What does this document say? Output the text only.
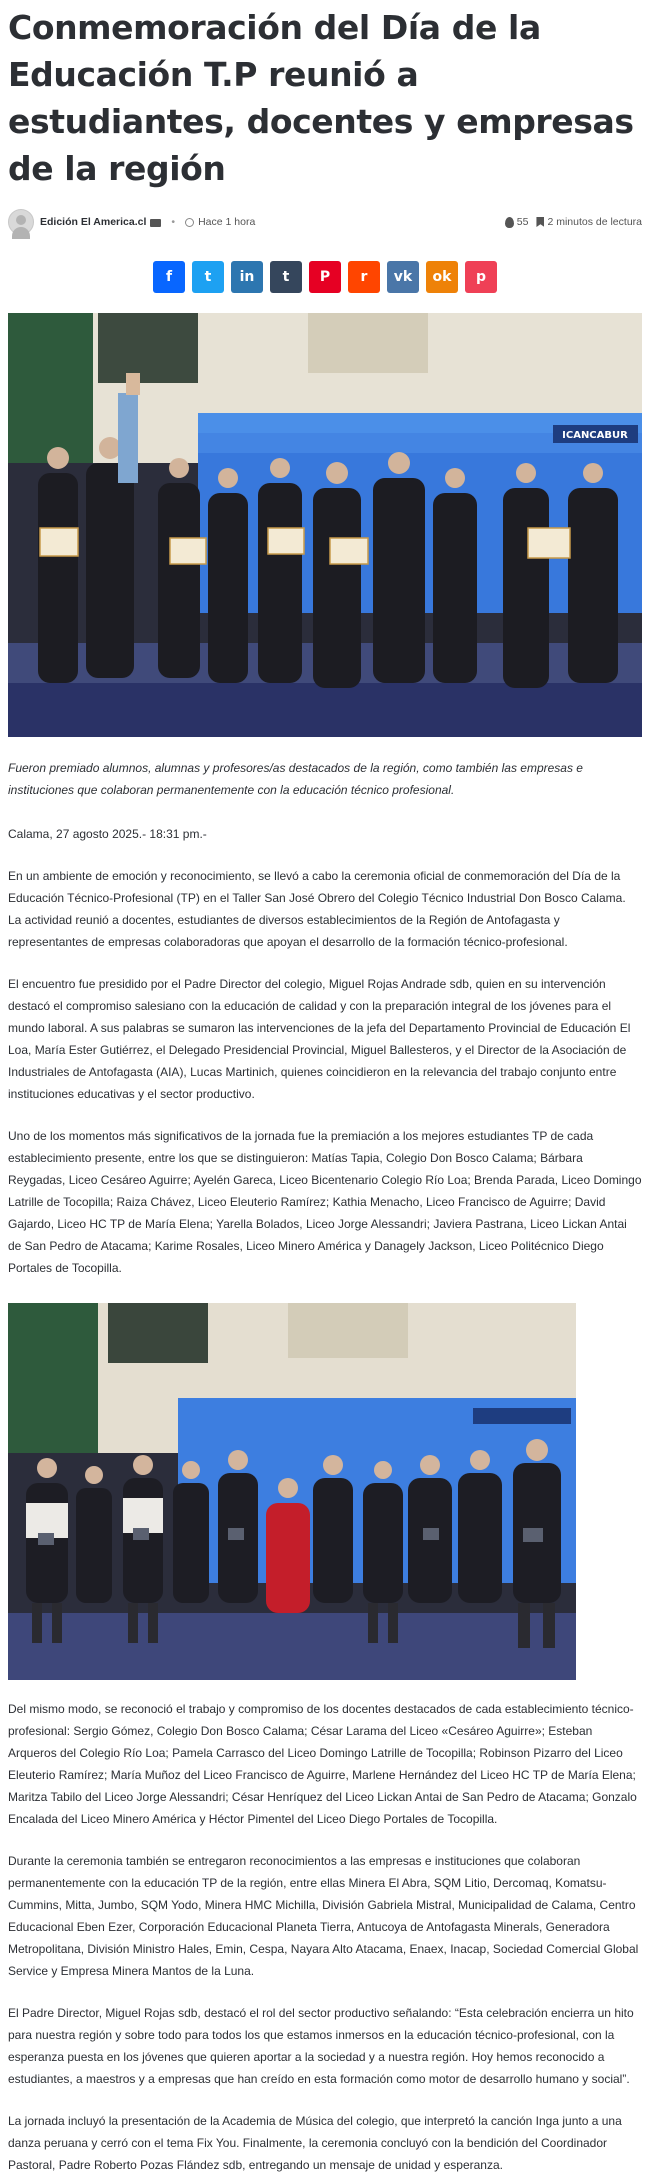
Conmemoración del Día de la Educación T.P reunió a estudiantes, docentes y empresas de la región
Edición El America.cl • Hace 1 hora	55 2 minutos de lectura
f t in t P r vk ok p
ICANCABUR

Fueron premiado alumnos, alumnas y profesores/as destacados de la región, como también las empresas e instituciones que colaboran permanentemente con la educación técnico profesional.

Calama, 27 agosto 2025.- 18:31 pm.-

En un ambiente de emoción y reconocimiento, se llevó a cabo la ceremonia oficial de conmemoración del Día de la Educación Técnico-Profesional (TP) en el Taller San José Obrero del Colegio Técnico Industrial Don Bosco Calama. La actividad reunió a docentes, estudiantes de diversos establecimientos de la Región de Antofagasta y representantes de empresas colaboradoras que apoyan el desarrollo de la formación técnico-profesional.

El encuentro fue presidido por el Padre Director del colegio, Miguel Rojas Andrade sdb, quien en su intervención destacó el compromiso salesiano con la educación de calidad y con la preparación integral de los jóvenes para el mundo laboral. A sus palabras se sumaron las intervenciones de la jefa del Departamento Provincial de Educación El Loa, María Ester Gutiérrez, el Delegado Presidencial Provincial, Miguel Ballesteros, y el Director de la Asociación de Industriales de Antofagasta (AIA), Lucas Martinich, quienes coincidieron en la relevancia del trabajo conjunto entre instituciones educativas y el sector productivo.

Uno de los momentos más significativos de la jornada fue la premiación a los mejores estudiantes TP de cada establecimiento presente, entre los que se distinguieron: Matías Tapia, Colegio Don Bosco Calama; Bárbara Reygadas, Liceo Cesáreo Aguirre; Ayelén Gareca, Liceo Bicentenario Colegio Río Loa; Brenda Parada, Liceo Domingo Latrille de Tocopilla; Raiza Chávez, Liceo Eleuterio Ramírez; Kathia Menacho, Liceo Francisco de Aguirre; David Gajardo, Liceo HC TP de María Elena; Yarella Bolados, Liceo Jorge Alessandri; Javiera Pastrana, Liceo Lickan Antai de San Pedro de Atacama; Karime Rosales, Liceo Minero América y Danagely Jackson, Liceo Politécnico Diego Portales de Tocopilla.

Del mismo modo, se reconoció el trabajo y compromiso de los docentes destacados de cada establecimiento técnico-profesional: Sergio Gómez, Colegio Don Bosco Calama; César Larama del Liceo «Cesáreo Aguirre»; Esteban Arqueros del Colegio Río Loa; Pamela Carrasco del Liceo Domingo Latrille de Tocopilla; Robinson Pizarro del Liceo Eleuterio Ramírez; María Muñoz del Liceo Francisco de Aguirre, Marlene Hernández del Liceo HC TP de María Elena; Maritza Tabilo del Liceo Jorge Alessandri; César Henríquez del Liceo Lickan Antai de San Pedro de Atacama; Gonzalo Encalada del Liceo Minero América y Héctor Pimentel del Liceo Diego Portales de Tocopilla.

Durante la ceremonia también se entregaron reconocimientos a las empresas e instituciones que colaboran permanentemente con la educación TP de la región, entre ellas Minera El Abra, SQM Litio, Dercomaq, Komatsu-Cummins, Mitta, Jumbo, SQM Yodo, Minera HMC Michilla, División Gabriela Mistral, Municipalidad de Calama, Centro Educacional Eben Ezer, Corporación Educacional Planeta Tierra, Antucoya de Antofagasta Minerals, Generadora Metropolitana, División Ministro Hales, Emin, Cespa, Nayara Alto Atacama, Enaex, Inacap, Sociedad Comercial Global Service y Empresa Minera Mantos de la Luna.

El Padre Director, Miguel Rojas sdb, destacó el rol del sector productivo señalando: “Esta celebración encierra un hito para nuestra región y sobre todo para todos los que estamos inmersos en la educación técnico-profesional, con la esperanza puesta en los jóvenes que quieren aportar a la sociedad y a nuestra región. Hoy hemos reconocido a estudiantes, a maestros y a empresas que han creído en esta formación como motor de desarrollo humano y social”.

La jornada incluyó la presentación de la Academia de Música del colegio, que interpretó la canción Inga junto a una danza peruana y cerró con el tema Fix You. Finalmente, la ceremonia concluyó con la bendición del Coordinador Pastoral, Padre Roberto Pozas Flández sdb, entregando un mensaje de unidad y esperanza.
